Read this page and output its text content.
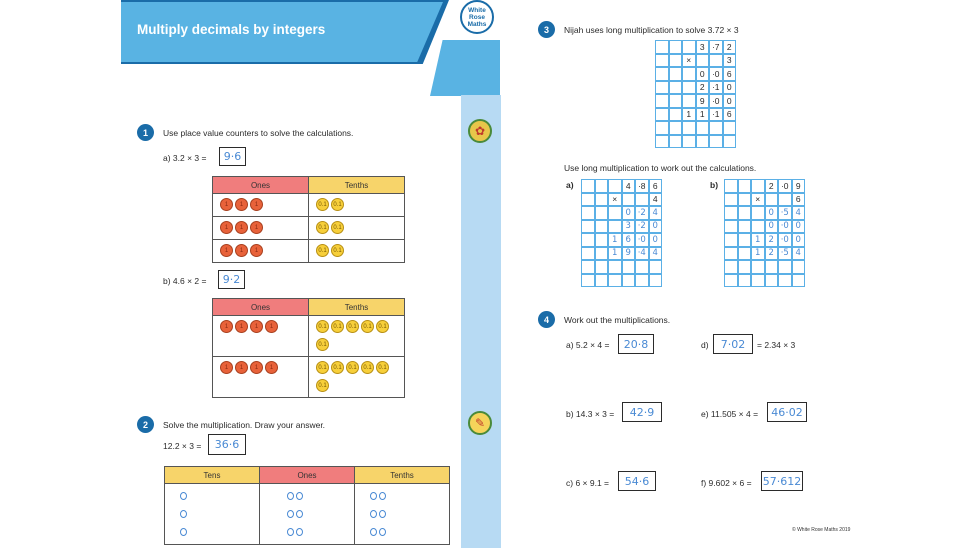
Multiply decimals by integers
White
Rose
Maths
✿
✎
1	Use place value counters to solve the calculations.
a) 3.2 × 3 =	9·6
Ones	Tenths
1 1 1	0.1 0.1
1 1 1	0.1 0.1
1 1 1	0.1 0.1
b) 4.6 × 2 =	9·2
Ones	Tenths
1 1 1 1	0.1 0.1 0.1 0.1 0.10.1
1 1 1 1	0.1 0.1 0.1 0.1 0.10.1
2	Solve the multiplication. Draw your answer.
12.2 × 3 =	36·6
Tens	Ones	Tenths

3	Nijah uses long multiplication to solve 3.72 × 3
3 ·7 2
×	3
0 ·0 6
2 ·1 0
9 ·0 0
1	1 ·1 6
Use long multiplication to work out the calculations.
a)	b)
4 ·8 6
×	4
0 ·2 4
3 ·2 0
1 6 ·0 0
1 9 ·4 4
2 ·0 9
×	6
0 ·5 4
0 ·0 0
1 2 ·0 0
1 2 ·5 4
4	Work out the multiplications.
a) 5.2 × 4 =	20·8	d)	7·02	= 2.34 × 3
b) 14.3 × 3 =	42·9	e) 11.505 × 4 =	46·02
c) 6 × 9.1 =	54·6	f) 9.602 × 6 = 57·612
© White Rose Maths 2019
